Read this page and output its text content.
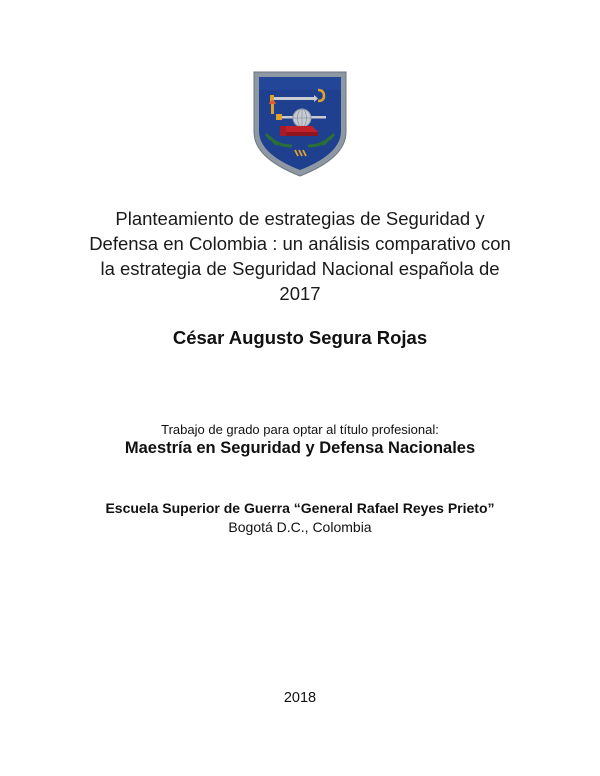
Planteamiento de estrategias de Seguridad y
Defensa en Colombia : un análisis comparativo con
la estrategia de Seguridad Nacional española de
2017
César Augusto Segura Rojas
Trabajo de grado para optar al título profesional:
Maestría en Seguridad y Defensa Nacionales
Escuela Superior de Guerra “General Rafael Reyes Prieto”
Bogotá D.C., Colombia
2018
